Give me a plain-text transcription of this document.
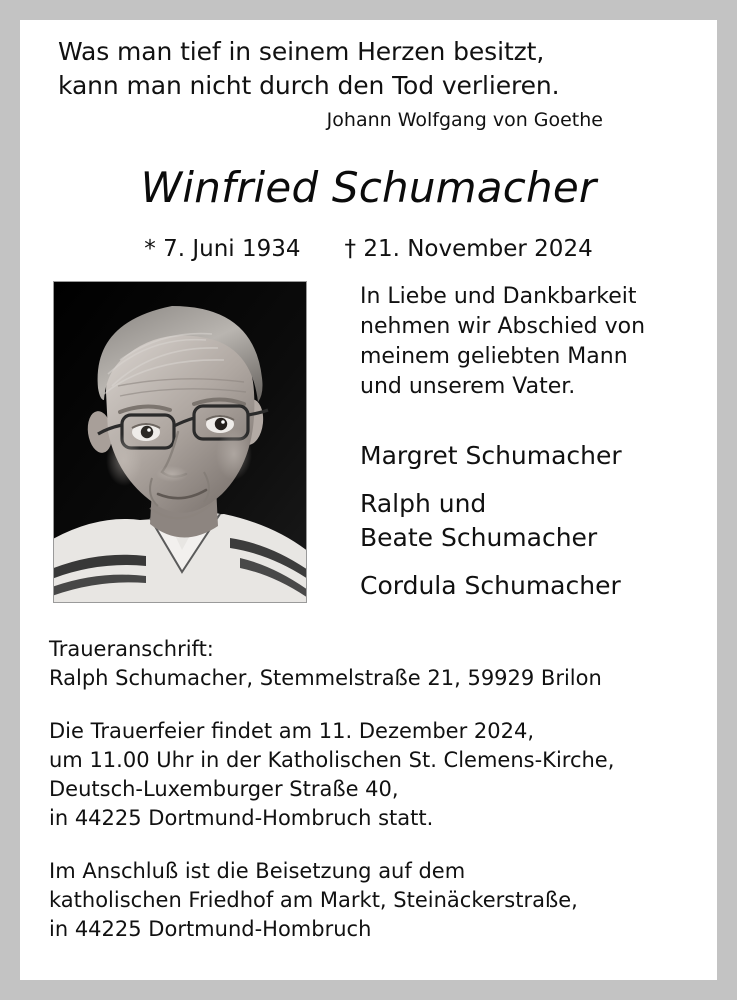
Was man tief in seinem Herzen besitzt,
kann man nicht durch den Tod verlieren.
Johann Wolfgang von Goethe
Winfried Schumacher
* 7. Juni 1934 † 21. November 2024
In Liebe und Dankbarkeit
nehmen wir Abschied von
meinem geliebten Mann
und unserem Vater.
Margret Schumacher
Ralph und
Beate Schumacher
Cordula Schumacher
Traueranschrift:
Ralph Schumacher, Stemmelstraße 21, 59929 Brilon
Die Trauerfeier findet am 11. Dezember 2024,
um 11.00 Uhr in der Katholischen St. Clemens-Kirche,
Deutsch-Luxemburger Straße 40,
in 44225 Dortmund-Hombruch statt.
Im Anschluß ist die Beisetzung auf dem
katholischen Friedhof am Markt, Steinäckerstraße,
in 44225 Dortmund-Hombruch
